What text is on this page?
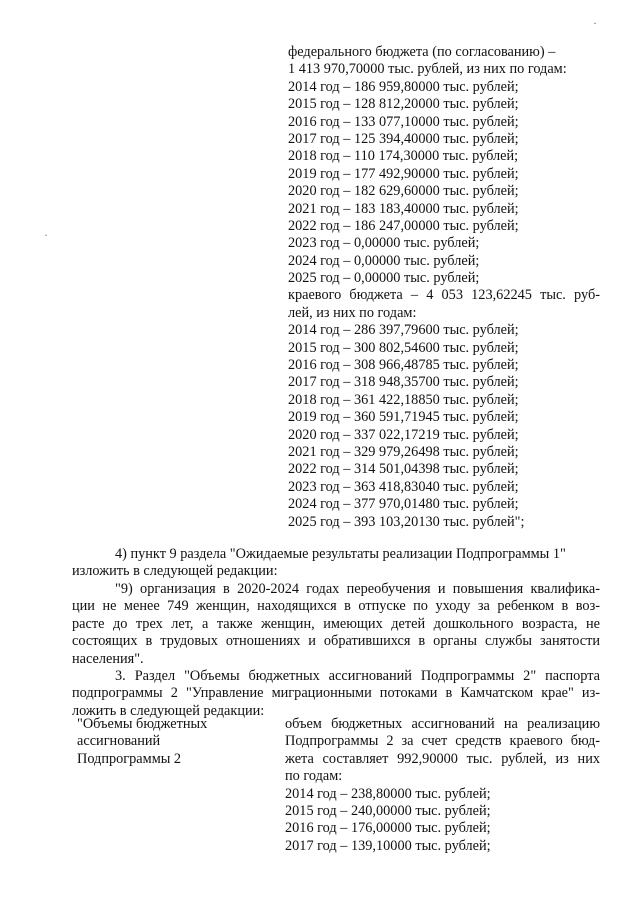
·
·
федерального бюджета (по согласованию) –
1 413 970,70000 тыс. рублей, из них по годам:
2014 год – 186 959,80000 тыс. рублей;
2015 год – 128 812,20000 тыс. рублей;
2016 год – 133 077,10000 тыс. рублей;
2017 год – 125 394,40000 тыс. рублей;
2018 год – 110 174,30000 тыс. рублей;
2019 год – 177 492,90000 тыс. рублей;
2020 год – 182 629,60000 тыс. рублей;
2021 год – 183 183,40000 тыс. рублей;
2022 год – 186 247,00000 тыс. рублей;
2023 год – 0,00000 тыс. рублей;
2024 год – 0,00000 тыс. рублей;
2025 год – 0,00000 тыс. рублей;
краевого бюджета – 4 053 123,62245 тыс. руб-
лей, из них по годам:
2014 год – 286 397,79600 тыс. рублей;
2015 год – 300 802,54600 тыс. рублей;
2016 год – 308 966,48785 тыс. рублей;
2017 год – 318 948,35700 тыс. рублей;
2018 год – 361 422,18850 тыс. рублей;
2019 год – 360 591,71945 тыс. рублей;
2020 год – 337 022,17219 тыс. рублей;
2021 год – 329 979,26498 тыс. рублей;
2022 год – 314 501,04398 тыс. рублей;
2023 год – 363 418,83040 тыс. рублей;
2024 год – 377 970,01480 тыс. рублей;
2025 год – 393 103,20130 тыс. рублей";
4) пункт 9 раздела "Ожидаемые результаты реализации Подпрограммы 1"
изложить в следующей редакции:
"9) организация в 2020-2024 годах переобучения и повышения квалифика-
ции не менее 749 женщин, находящихся в отпуске по уходу за ребенком в воз-
расте до трех лет, а также женщин, имеющих детей дошкольного возраста, не
состоящих в трудовых отношениях и обратившихся в органы службы занятости
населения".
3. Раздел "Объемы бюджетных ассигнований Подпрограммы 2" паспорта
подпрограммы 2 "Управление миграционными потоками в Камчатском крае" из-
ложить в следующей редакции:
"Объемы бюджетных
ассигнований
Подпрограммы 2
объем бюджетных ассигнований на реализацию
Подпрограммы 2 за счет средств краевого бюд-
жета составляет 992,90000 тыс. рублей, из них
по годам:
2014 год – 238,80000 тыс. рублей;
2015 год – 240,00000 тыс. рублей;
2016 год – 176,00000 тыс. рублей;
2017 год – 139,10000 тыс. рублей;
